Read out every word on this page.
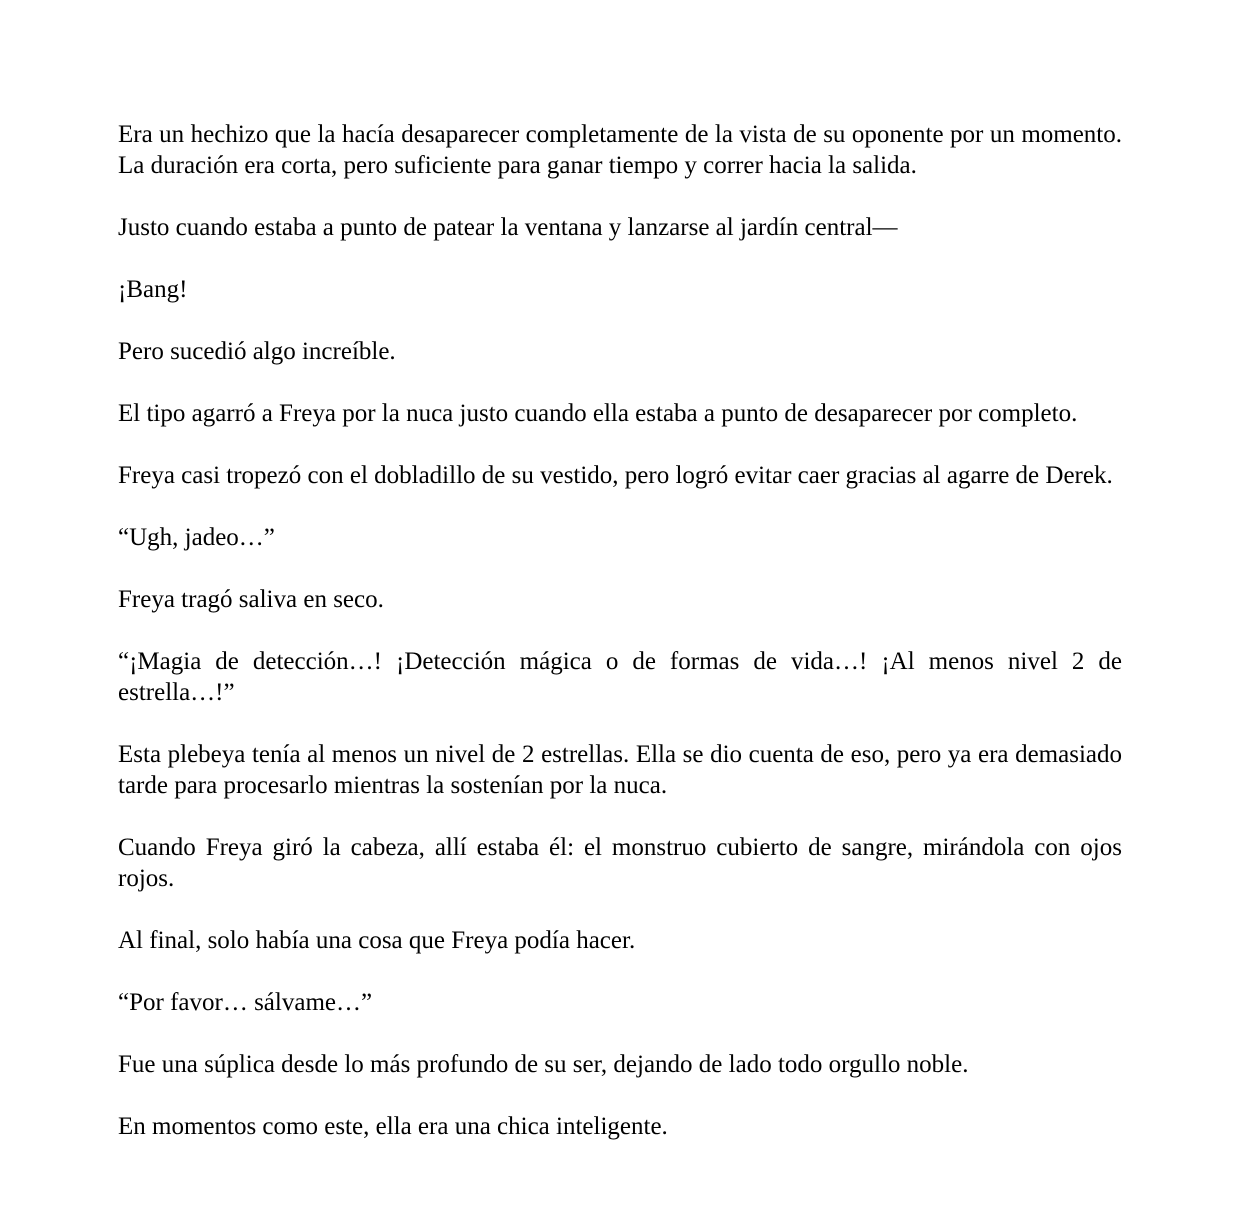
Era un hechizo que la hacía desaparecer completamente de la vista de su oponente por un momento. La duración era corta, pero suficiente para ganar tiempo y correr hacia la salida.

Justo cuando estaba a punto de patear la ventana y lanzarse al jardín central—

¡Bang!

Pero sucedió algo increíble.

El tipo agarró a Freya por la nuca justo cuando ella estaba a punto de desaparecer por completo.

Freya casi tropezó con el dobladillo de su vestido, pero logró evitar caer gracias al agarre de Derek.

“Ugh, jadeo…”

Freya tragó saliva en seco.

“¡Magia de detección…! ¡Detección mágica o de formas de vida…! ¡Al menos nivel 2 de estrella…!”

Esta plebeya tenía al menos un nivel de 2 estrellas. Ella se dio cuenta de eso, pero ya era demasiado tarde para procesarlo mientras la sostenían por la nuca.

Cuando Freya giró la cabeza, allí estaba él: el monstruo cubierto de sangre, mirándola con ojos rojos.

Al final, solo había una cosa que Freya podía hacer.

“Por favor… sálvame…”

Fue una súplica desde lo más profundo de su ser, dejando de lado todo orgullo noble.

En momentos como este, ella era una chica inteligente.
